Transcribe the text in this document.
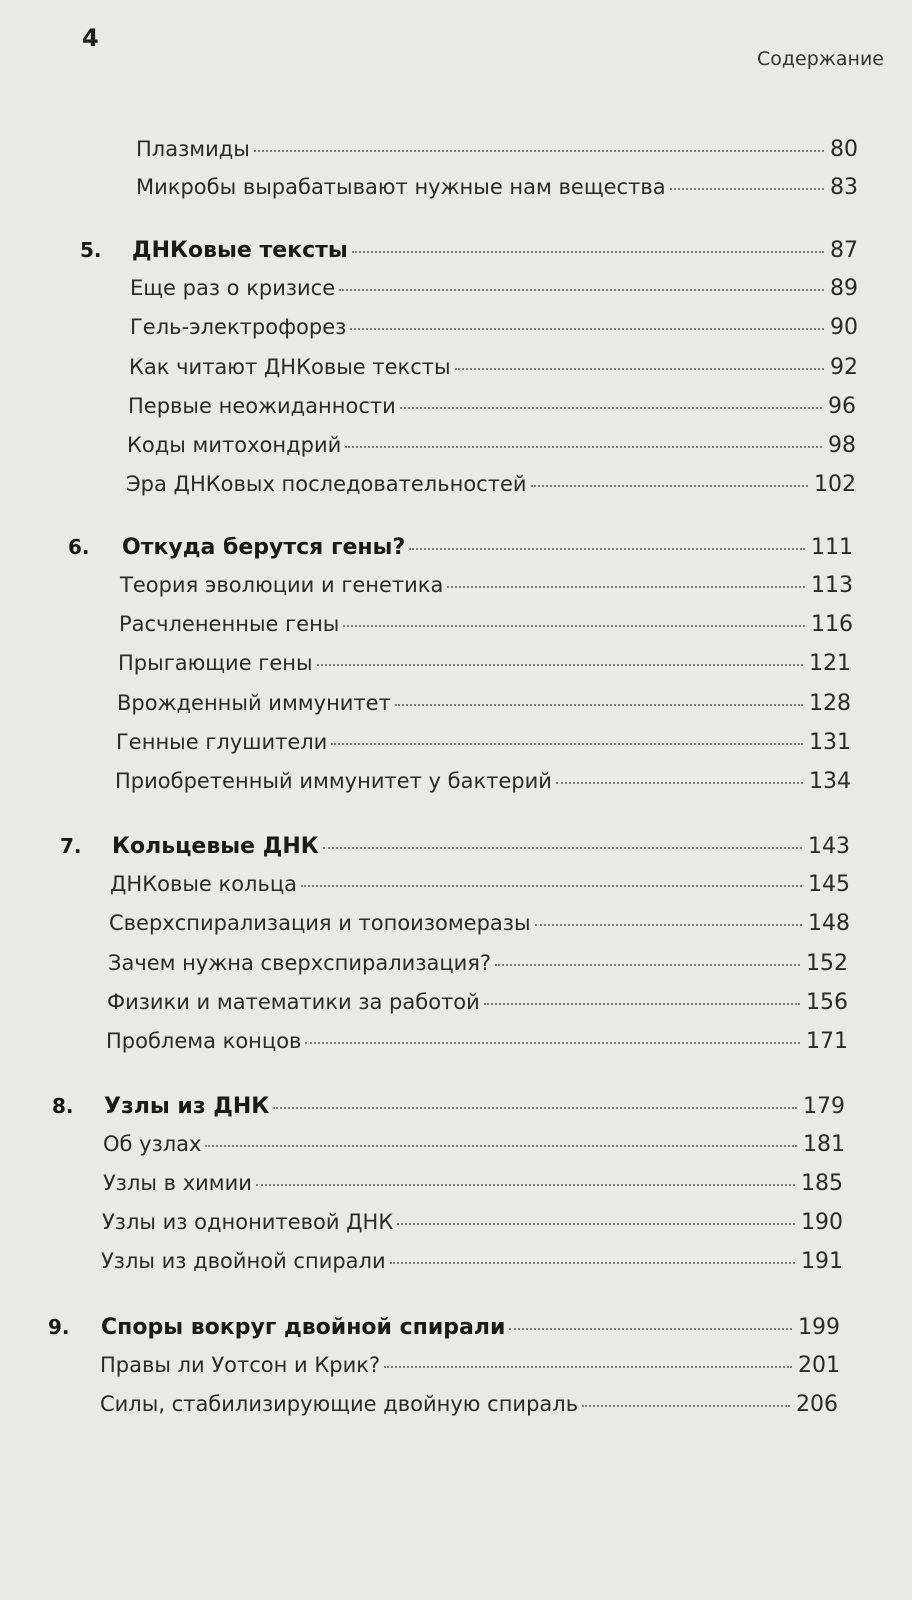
4
Содержание
Плазмиды	80
Микробы вырабатывают нужные нам вещества	83
5. ДНКовые тексты	87
Еще раз о кризисе	89
Гель-электрофорез	90
Как читают ДНКовые тексты	92
Первые неожиданности	96
Коды митохондрий	98
Эра ДНКовых последовательностей	102
6. Откуда берутся гены?	111
Теория эволюции и генетика	113
Расчлененные гены	116
Прыгающие гены	121
Врожденный иммунитет	128
Генные глушители	131
Приобретенный иммунитет у бактерий	134
7. Кольцевые ДНК	143
ДНКовые кольца	145
Сверхспирализация и топоизомеразы	148
Зачем нужна сверхспирализация?	152
Физики и математики за работой	156
Проблема концов	171
8. Узлы из ДНК	179
Об узлах	181
Узлы в химии	185
Узлы из однонитевой ДНК	190
Узлы из двойной спирали	191
9. Споры вокруг двойной спирали	199
Правы ли Уотсон и Крик?	201
Силы, стабилизирующие двойную спираль	206
